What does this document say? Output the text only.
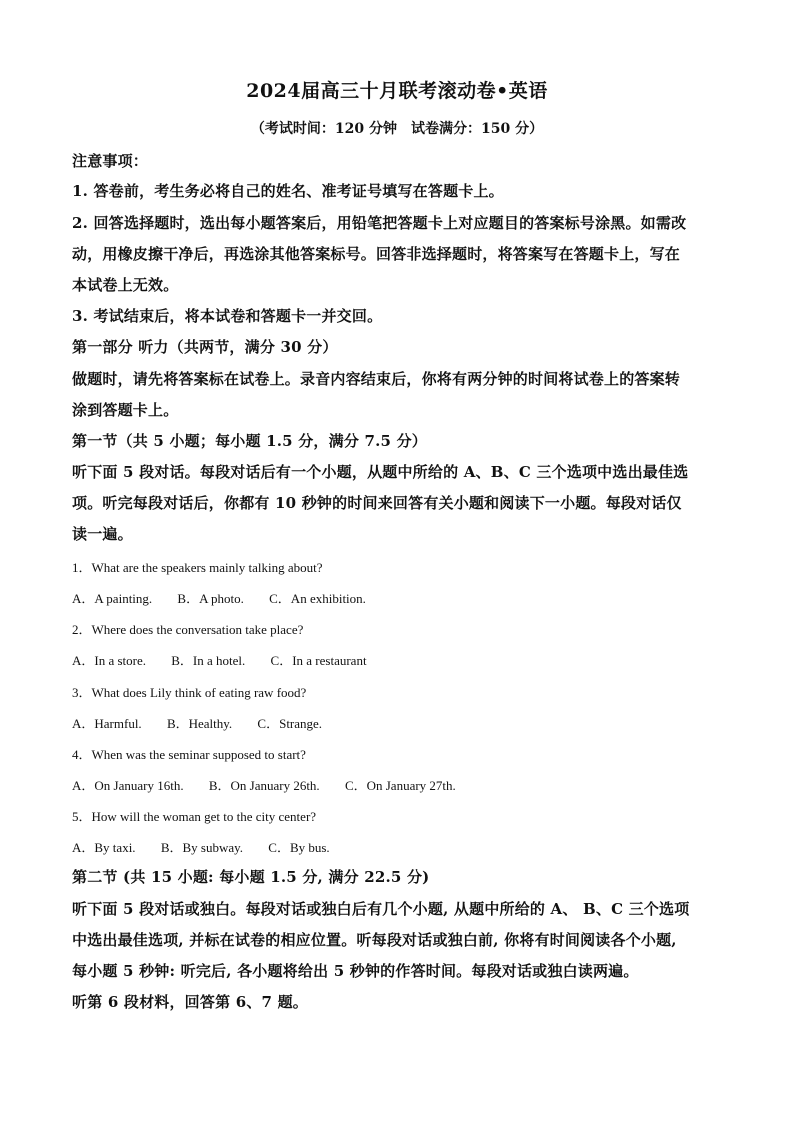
2024届高三十月联考滚动卷•英语
（考试时间：120 分钟　试卷满分：150 分）
注意事项：
1. 答卷前，考生务必将自己的姓名、准考证号填写在答题卡上。
2. 回答选择题时，选出每小题答案后，用铅笔把答题卡上对应题目的答案标号涂黑。如需改
动，用橡皮擦干净后，再选涂其他答案标号。回答非选择题时，将答案写在答题卡上，写在
本试卷上无效。
3. 考试结束后，将本试卷和答题卡一并交回。
第一部分 听力（共两节，满分 30 分）
做题时，请先将答案标在试卷上。录音内容结束后，你将有两分钟的时间将试卷上的答案转
涂到答题卡上。
第一节（共 5 小题；每小题 1.5 分，满分 7.5 分）
听下面 5 段对话。每段对话后有一个小题，从题中所给的 A、B、C 三个选项中选出最佳选
项。听完每段对话后，你都有 10 秒钟的时间来回答有关小题和阅读下一小题。每段对话仅
读一遍。
1．What are the speakers mainly talking about?
A．A painting. B．A photo. C．An exhibition.
2．Where does the conversation take place?
A．In a store. B．In a hotel. C．In a restaurant
3．What does Lily think of eating raw food?
A．Harmful. B．Healthy. C．Strange.
4．When was the seminar supposed to start?
A．On January 16th. B．On January 26th. C．On January 27th.
5．How will the woman get to the city center?
A．By taxi. B．By subway. C．By bus.
第二节 (共 15 小题: 每小题 1.5 分, 满分 22.5 分)
听下面 5 段对话或独白。每段对话或独白后有几个小题, 从题中所给的 A、 B、C 三个选项
中选出最佳选项, 并标在试卷的相应位置。听每段对话或独白前, 你将有时间阅读各个小题,
每小题 5 秒钟: 听完后, 各小题将给出 5 秒钟的作答时间。每段对话或独白读两遍。
听第 6 段材料，回答第 6、7 题。
